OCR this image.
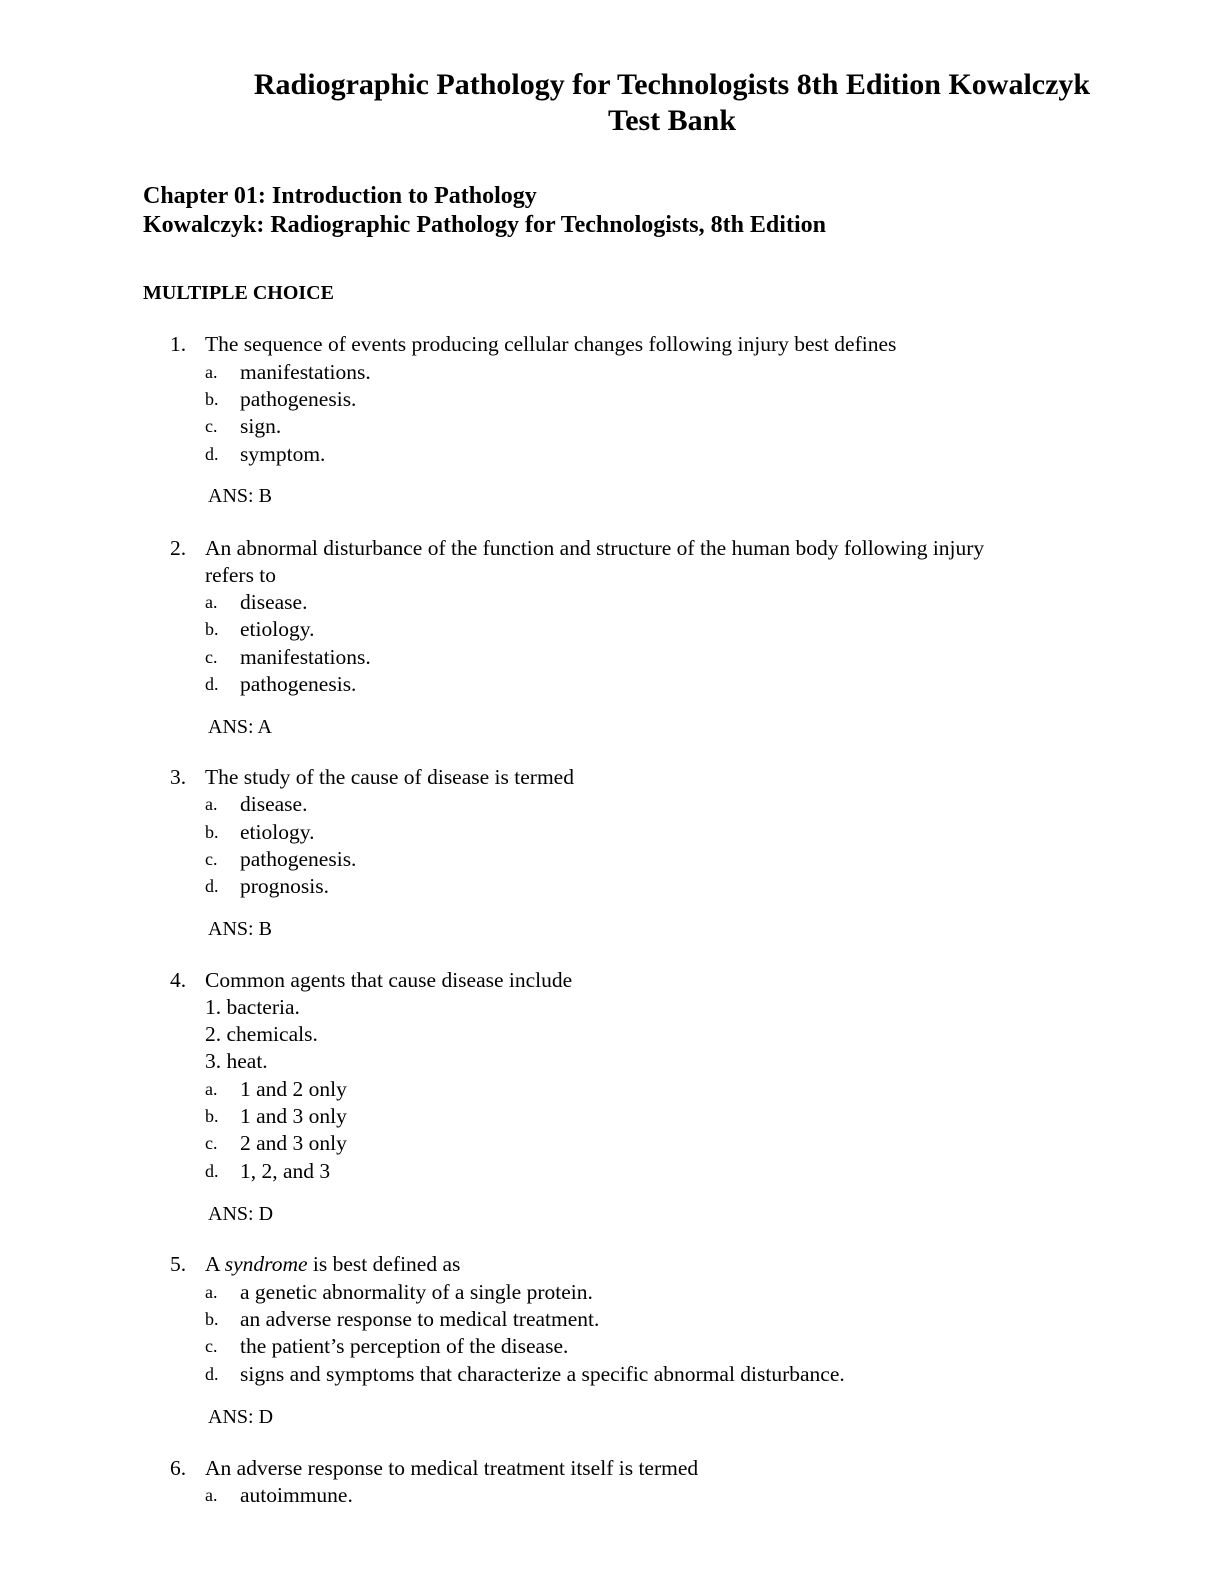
Radiographic Pathology for Technologists 8th Edition Kowalczyk
Test Bank
Chapter 01: Introduction to Pathology
Kowalczyk: Radiographic Pathology for Technologists, 8th Edition
MULTIPLE CHOICE
1. The sequence of events producing cellular changes following injury best defines
a. manifestations.
b. pathogenesis.
c. sign.
d. symptom.
ANS: B
2. An abnormal disturbance of the function and structure of the human body following injury
refers to
a. disease.
b. etiology.
c. manifestations.
d. pathogenesis.
ANS: A
3. The study of the cause of disease is termed
a. disease.
b. etiology.
c. pathogenesis.
d. prognosis.
ANS: B
4. Common agents that cause disease include
1. bacteria.
2. chemicals.
3. heat.
a. 1 and 2 only
b. 1 and 3 only
c. 2 and 3 only
d. 1, 2, and 3
ANS: D
5. A syndrome is best defined as
a. a genetic abnormality of a single protein.
b. an adverse response to medical treatment.
c. the patient’s perception of the disease.
d. signs and symptoms that characterize a specific abnormal disturbance.
ANS: D
6. An adverse response to medical treatment itself is termed
a. autoimmune.
